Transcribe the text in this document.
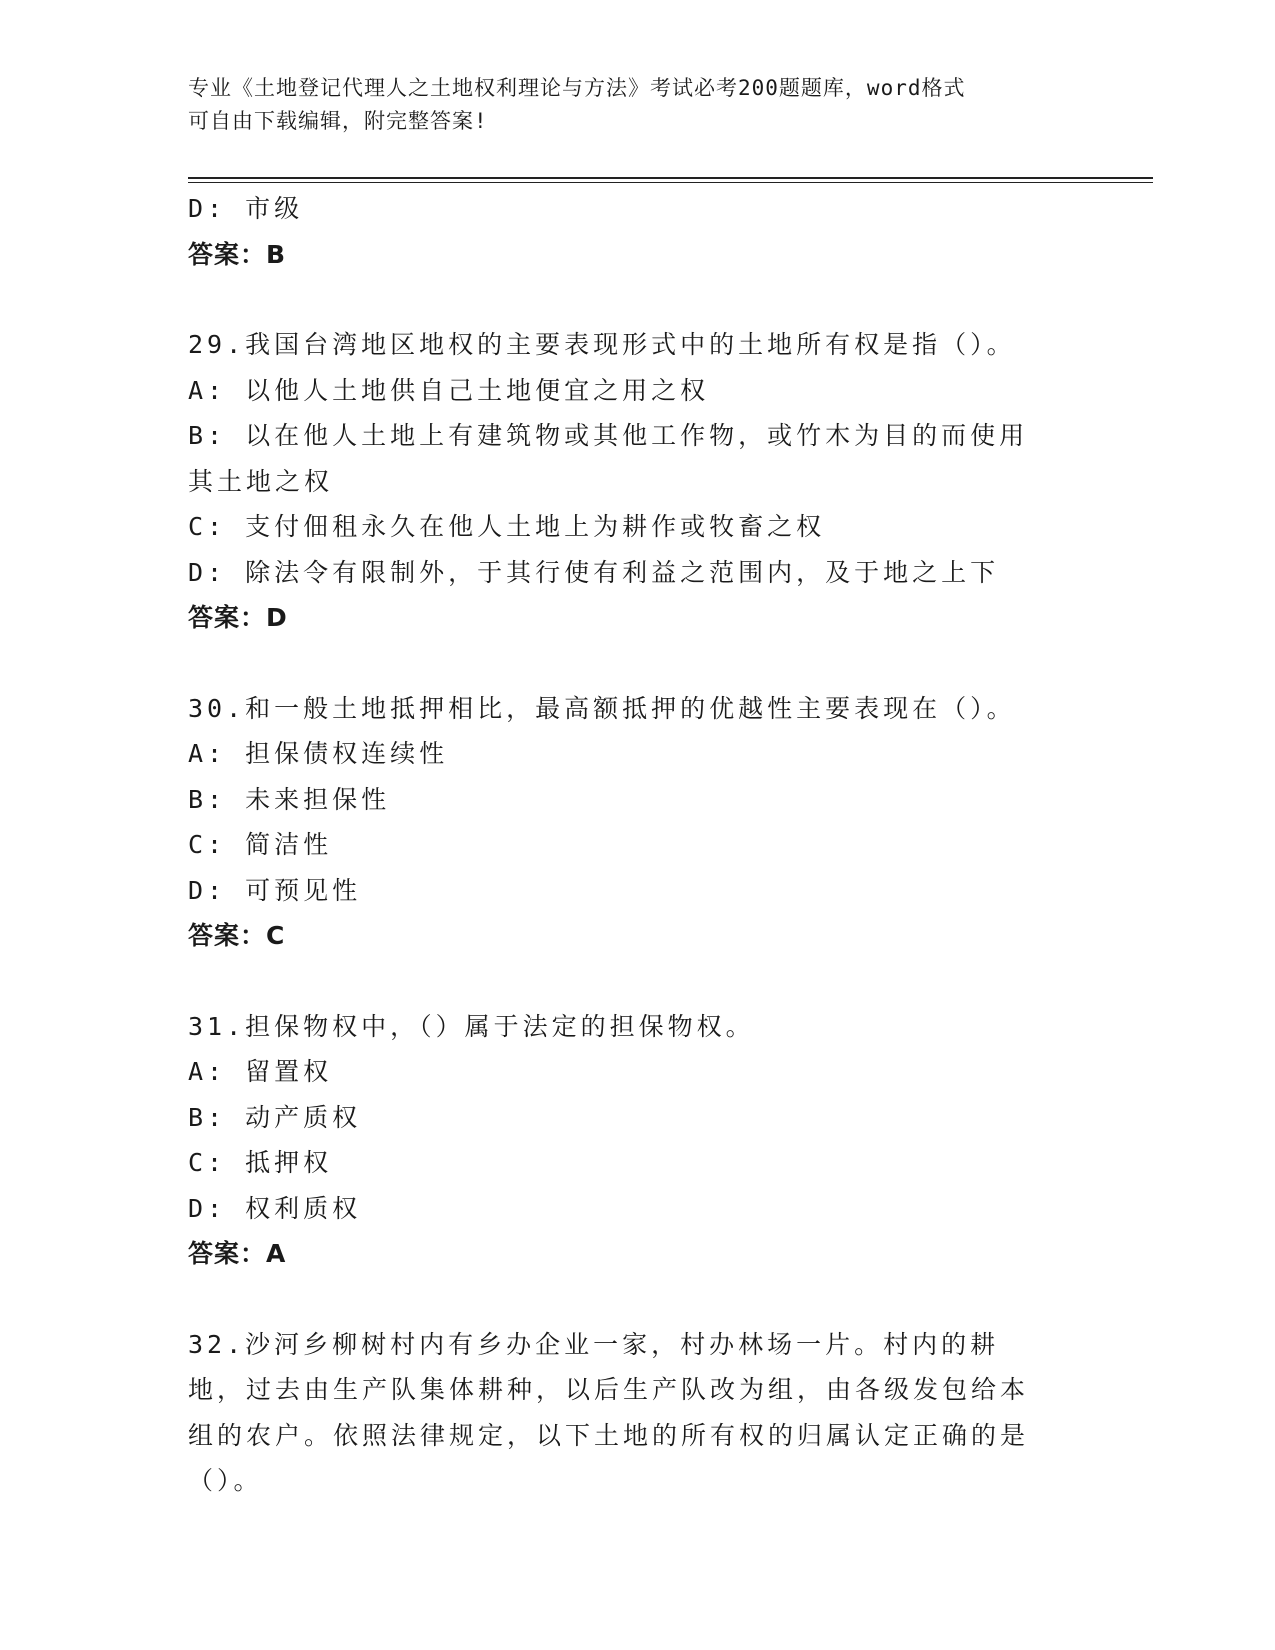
专业《土地登记代理人之土地权利理论与方法》考试必考200题题库，word格式
可自由下载编辑，附完整答案!
D: 市级
答案：B
29.我国台湾地区地权的主要表现形式中的土地所有权是指（）。
A: 以他人土地供自己土地便宜之用之权
B: 以在他人土地上有建筑物或其他工作物，或竹木为目的而使用其土地之权
C: 支付佃租永久在他人土地上为耕作或牧畜之权
D: 除法令有限制外，于其行使有利益之范围内，及于地之上下
答案：D
30.和一般土地抵押相比，最高额抵押的优越性主要表现在（）。
A: 担保债权连续性
B: 未来担保性
C: 简洁性
D: 可预见性
答案：C
31.担保物权中，（）属于法定的担保物权。
A: 留置权
B: 动产质权
C: 抵押权
D: 权利质权
答案：A
32.沙河乡柳树村内有乡办企业一家，村办林场一片。村内的耕地，过去由生产队集体耕种，以后生产队改为组，由各级发包给本组的农户。依照法律规定，以下土地的所有权的归属认定正确的是（）。
